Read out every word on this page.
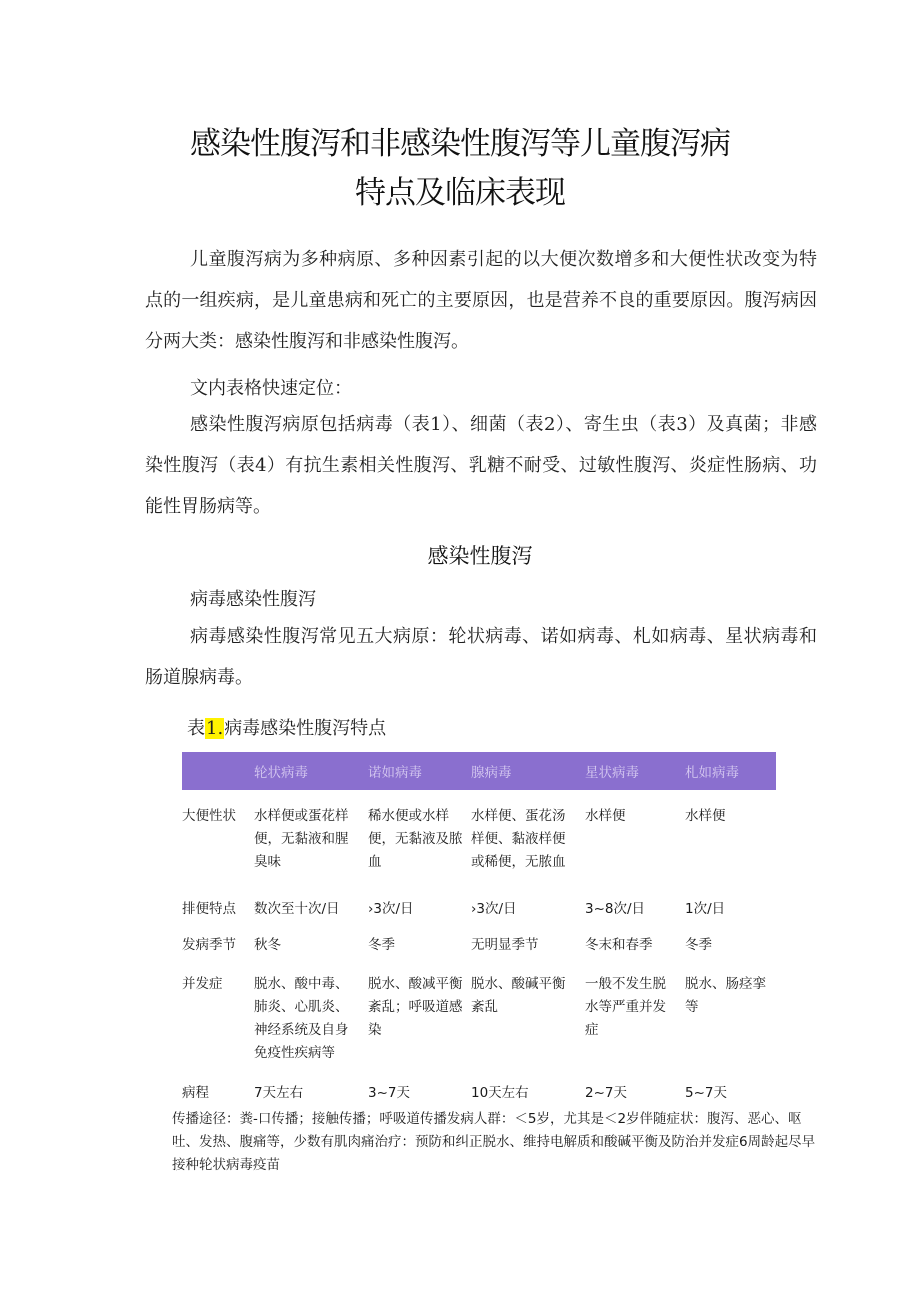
感染性腹泻和非感染性腹泻等儿童腹泻病
特点及临床表现
儿童腹泻病为多种病原、多种因素引起的以大便次数增多和大便性状改变为特点的一组疾病，是儿童患病和死亡的主要原因，也是营养不良的重要原因。腹泻病因分两大类：感染性腹泻和非感染性腹泻。
文内表格快速定位：
感染性腹泻病原包括病毒（表1）、细菌（表2）、寄生虫（表3）及真菌；非感染性腹泻（表4）有抗生素相关性腹泻、乳糖不耐受、过敏性腹泻、炎症性肠病、功能性胃肠病等。
感染性腹泻
病毒感染性腹泻
病毒感染性腹泻常见五大病原：轮状病毒、诺如病毒、札如病毒、星状病毒和肠道腺病毒。
表1.病毒感染性腹泻特点
	轮状病毒	诺如病毒	腺病毒	星状病毒	札如病毒
大便性状	水样便或蛋花样便，无黏液和腥臭味	稀水便或水样便，无黏液及脓血	水样便、蛋花汤样便、黏液样便或稀便，无脓血	水样便	水样便
排便特点	数次至十次/日	›3次/日	›3次/日	3~8次/日	1次/日
发病季节	秋冬	冬季	无明显季节	冬末和春季	冬季
并发症	脱水、酸中毒、肺炎、心肌炎、神经系统及自身免疫性疾病等	脱水、酸减平衡紊乱；呼吸道感染	脱水、酸碱平衡紊乱	一般不发生脱水等严重并发症	脱水、肠痉挛等
病程	7天左右	3~7天	10天左右	2~7天	5~7天
传播途径：粪-口传播；接触传播；呼吸道传播发病人群：＜5岁，尤其是＜2岁伴随症状：腹泻、恶心、呕吐、发热、腹痛等，少数有肌肉痛治疗：预防和纠正脱水、维持电解质和酸碱平衡及防治并发症6周龄起尽早接种轮状病毒疫苗
